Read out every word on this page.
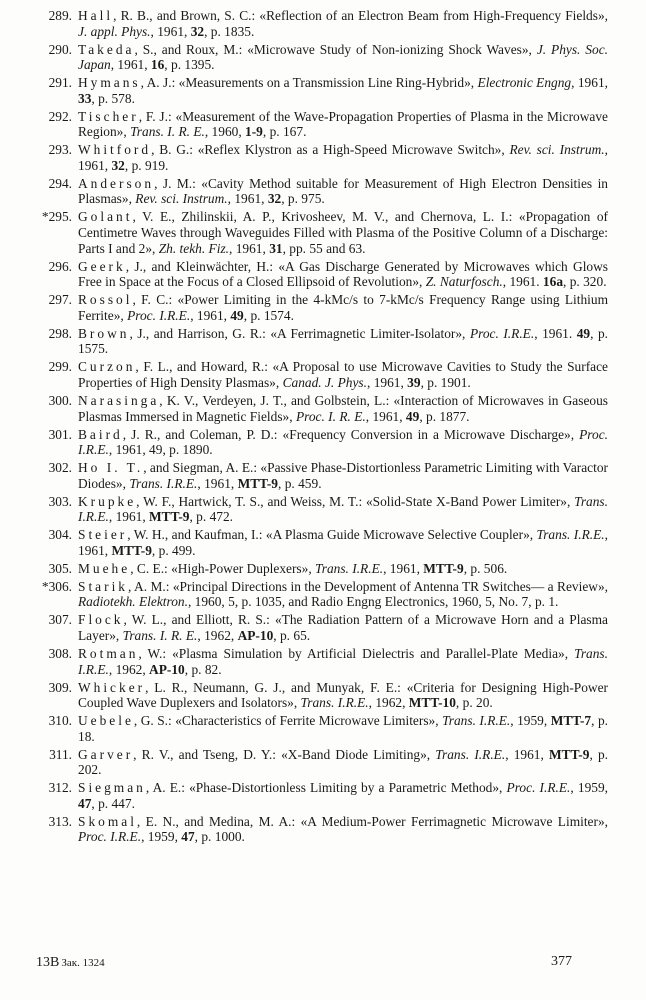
289. Hall, R. B., and Brown, S. C.: «Reflection of an Electron Beam from High-Frequency Fields», J. appl. Phys., 1961, 32, p. 1835.
290. Takeda, S., and Roux, M.: «Microwave Study of Non-ionizing Shock Waves», J. Phys. Soc. Japan, 1961, 16, p. 1395.
291. Hymans, A. J.: «Measurements on a Transmission Line Ring-Hybrid», Electronic Engng, 1961, 33, p. 578.
292. Tischer, F. J.: «Measurement of the Wave-Propagation Properties of Plasma in the Microwave Region», Trans. I. R. E., 1960, 1-9, p. 167.
293. Whitford, B. G.: «Reflex Klystron as a High-Speed Microwave Switch», Rev. sci. Instrum., 1961, 32, p. 919.
294. Anderson, J. M.: «Cavity Method suitable for Measurement of High Electron Densities in Plasmas», Rev. sci. Instrum., 1961, 32, p. 975.
*295. Golant, V. E., Zhilinskii, A. P., Krivosheev, M. V., and Chernova, L. I.: «Propagation of Centimetre Waves through Waveguides Filled with Plasma of the Positive Column of a Discharge: Parts I and 2», Zh. tekh. Fiz., 1961, 31, pp. 55 and 63.
296. Geerk, J., and Kleinwächter, H.: «A Gas Discharge Generated by Microwaves which Glows Free in Space at the Focus of a Closed Ellipsoid of Revolution», Z. Naturfosch., 1961. 16a, p. 320.
297. Rossol, F. C.: «Power Limiting in the 4-kMc/s to 7-kMc/s Frequency Range using Lithium Ferrite», Proc. I.R.E., 1961, 49, p. 1574.
298. Brown, J., and Harrison, G. R.: «A Ferrimagnetic Limiter-Isolator», Proc. I.R.E., 1961. 49, p. 1575.
299. Curzon, F. L., and Howard, R.: «A Proposal to use Microwave Cavities to Study the Surface Properties of High Density Plasmas», Canad. J. Phys., 1961, 39, p. 1901.
300. Narasinga, K. V., Verdeyen, J. T., and Golbstein, L.: «Interaction of Microwaves in Gaseous Plasmas Immersed in Magnetic Fields», Proc. I. R. E., 1961, 49, p. 1877.
301. Baird, J. R., and Coleman, P. D.: «Frequency Conversion in a Microwave Discharge», Proc. I.R.E., 1961, 49, p. 1890.
302. Ho I. T., and Siegman, A. E.: «Passive Phase-Distortionless Parametric Limiting with Varactor Diodes», Trans. I.R.E., 1961, MTT-9, p. 459.
303. Krupke, W. F., Hartwick, T. S., and Weiss, M. T.: «Solid-State X-Band Power Limiter», Trans. I.R.E., 1961, MTT-9, p. 472.
304. Steier, W. H., and Kaufman, I.: «A Plasma Guide Microwave Selective Coupler», Trans. I.R.E., 1961, MTT-9, p. 499.
305. Muehe, C. E.: «High-Power Duplexers», Trans. I.R.E., 1961, MTT-9, p. 506.
*306. Starik, A. M.: «Principal Directions in the Development of Antenna TR Switches— a Review», Radiotekh. Elektron., 1960, 5, p. 1035, and Radio Engng Electronics, 1960, 5, No. 7, p. 1.
307. Flock, W. L., and Elliott, R. S.: «The Radiation Pattern of a Microwave Horn and a Plasma Layer», Trans. I. R. E., 1962, AP-10, p. 65.
308. Rotman, W.: «Plasma Simulation by Artificial Dielectris and Parallel-Plate Media», Trans. I.R.E., 1962, AP-10, p. 82.
309. Whicker, L. R., Neumann, G. J., and Munyak, F. E.: «Criteria for Designing High-Power Coupled Wave Duplexers and Isolators», Trans. I.R.E., 1962, MTT-10, p. 20.
310. Uebele, G. S.: «Characteristics of Ferrite Microwave Limiters», Trans. I.R.E., 1959, MTT-7, p. 18.
311. Garver, R. V., and Tseng, D. Y.: «X-Band Diode Limiting», Trans. I.R.E., 1961, MTT-9, p. 202.
312. Siegman, A. E.: «Phase-Distortionless Limiting by a Parametric Method», Proc. I.R.E., 1959, 47, p. 447.
313. Skomal, E. N., and Medina, M. A.: «A Medium-Power Ferrimagnetic Microwave Limiter», Proc. I.R.E., 1959, 47, p. 1000.
13B Зак. 1324	377
